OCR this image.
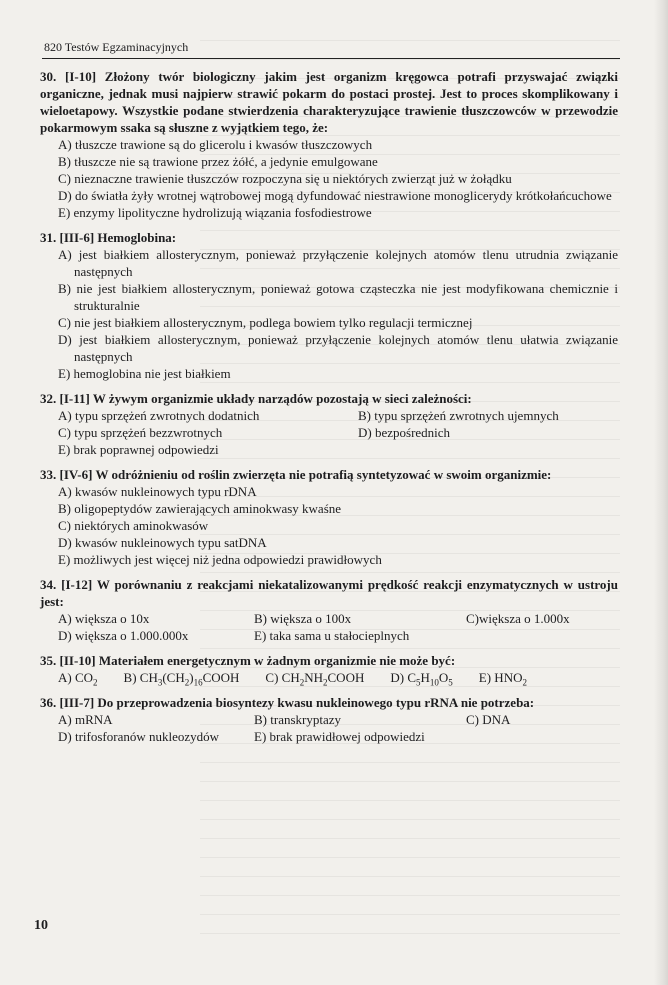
820 Testów Egzaminacyjnych
30. [I-10] Złożony twór biologiczny jakim jest organizm kręgowca potrafi przyswajać związki organiczne, jednak musi najpierw strawić pokarm do postaci prostej. Jest to proces skomplikowany i wieloetapowy. Wszystkie podane stwierdzenia charakteryzujące trawienie tłuszczowców w przewodzie pokarmowym ssaka są słuszne z wyjątkiem tego, że:
A) tłuszcze trawione są do glicerolu i kwasów tłuszczowych
B) tłuszcze nie są trawione przez żółć, a jedynie emulgowane
C) nieznaczne trawienie tłuszczów rozpoczyna się u niektórych zwierząt już w żołądku
D) do światła żyły wrotnej wątrobowej mogą dyfundować niestrawione monoglicerydy krótkołańcuchowe
E) enzymy lipolityczne hydrolizują wiązania fosfodiestrowe
31. [III-6] Hemoglobina:
A) jest białkiem allosterycznym, ponieważ przyłączenie kolejnych atomów tlenu utrudnia związanie następnych
B) nie jest białkiem allosterycznym, ponieważ gotowa cząsteczka nie jest modyfikowana chemicznie i strukturalnie
C) nie jest białkiem allosterycznym, podlega bowiem tylko regulacji termicznej
D) jest białkiem allosterycznym, ponieważ przyłączenie kolejnych atomów tlenu ułatwia związanie następnych
E) hemoglobina nie jest białkiem
32. [I-11] W żywym organizmie układy narządów pozostają w sieci zależności:
A) typu sprzężeń zwrotnych dodatnich	B) typu sprzężeń zwrotnych ujemnych
C) typu sprzężeń bezzwrotnych	D) bezpośrednich
E) brak poprawnej odpowiedzi
33. [IV-6] W odróżnieniu od roślin zwierzęta nie potrafią syntetyzować w swoim organizmie:
A) kwasów nukleinowych typu rDNA
B) oligopeptydów zawierających aminokwasy kwaśne
C) niektórych aminokwasów
D) kwasów nukleinowych typu satDNA
E) możliwych jest więcej niż jedna odpowiedzi prawidłowych
34. [I-12] W porównaniu z reakcjami niekatalizowanymi prędkość reakcji enzymatycznych w ustroju jest:
A) większa o 10x	B) większa o 100x	C)większa o 1.000x
D) większa o 1.000.000x	E) taka sama u stałocieplnych
35. [II-10] Materiałem energetycznym w żadnym organizmie nie może być:
A) $CO_2$ B) $CH_3(CH_2)_{16}COOH$ C) $CH_2NH_2COOH$ D) $C_5H_{10}O_5$ E) $HNO_2$
36. [III-7] Do przeprowadzenia biosyntezy kwasu nukleinowego typu rRNA nie potrzeba:
A) mRNA	B) transkryptazy	C) DNA
D) trifosforanów nukleozydów	E) brak prawidłowej odpowiedzi
10
